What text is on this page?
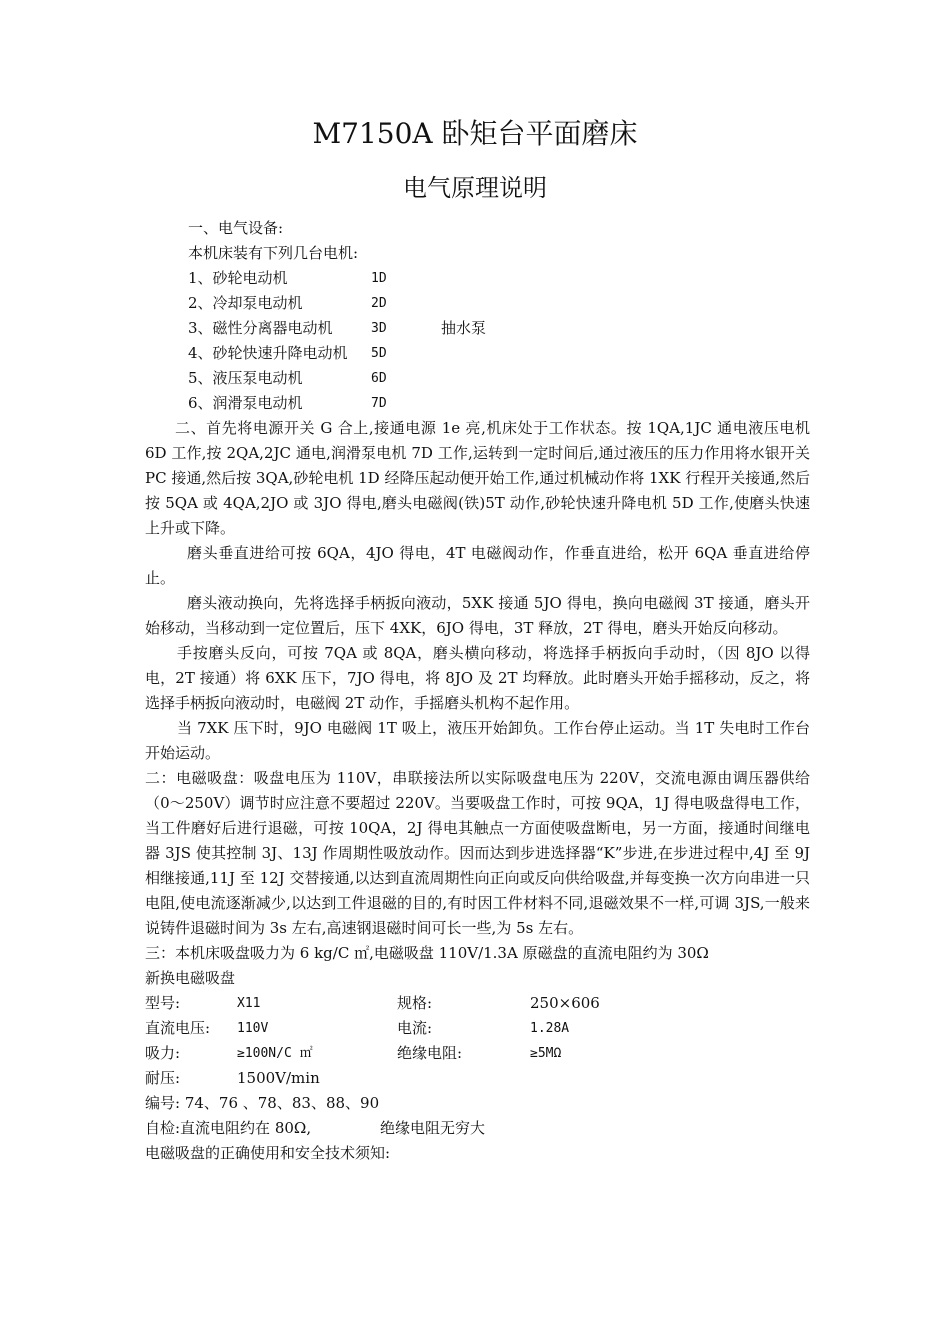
M7150A 卧矩台平面磨床
电气原理说明
一、电气设备:
本机床装有下列几台电机:
1、砂轮电动机	1D
2、冷却泵电动机	2D
3、磁性分离器电动机	3D	抽水泵
4、砂轮快速升降电动机	5D
5、液压泵电动机	6D
6、润滑泵电动机	7D

二、首先将电源开关 G 合上,接通电源 1e 亮,机床处于工作状态。按 1QA,1JC 通电液压电机 6D 工作,按 2QA,2JC 通电,润滑泵电机 7D 工作,运转到一定时间后,通过液压的压力作用将水银开关 PC 接通,然后按 3QA,砂轮电机 1D 经降压起动便开始工作,通过机械动作将 1XK 行程开关接通,然后按 5QA 或 4QA,2JO 或 3JO 得电,磨头电磁阀(铁)5T 动作,砂轮快速升降电机 5D 工作,使磨头快速上升或下降。

磨头垂直进给可按 6QA，4JO 得电，4T 电磁阀动作，作垂直进给，松开 6QA 垂直进给停止。

磨头液动换向，先将选择手柄扳向液动，5XK 接通 5JO 得电，换向电磁阀 3T 接通，磨头开始移动，当移动到一定位置后，压下 4XK，6JO 得电，3T 释放，2T 得电，磨头开始反向移动。

手按磨头反向，可按 7QA 或 8QA，磨头横向移动，将选择手柄扳向手动时，（因 8JO 以得电，2T 接通）将 6XK 压下，7JO 得电，将 8JO 及 2T 均释放。此时磨头开始手摇移动，反之，将选择手柄扳向液动时，电磁阀 2T 动作，手摇磨头机构不起作用。

当 7XK 压下时，9JO 电磁阀 1T 吸上，液压开始卸负。工作台停止运动。当 1T 失电时工作台开始运动。

二：电磁吸盘：吸盘电压为 110V，串联接法所以实际吸盘电压为 220V，交流电源由调压器供给（0～250V）调节时应注意不要超过 220V。当要吸盘工作时，可按 9QA，1J 得电吸盘得电工作，当工件磨好后进行退磁，可按 10QA，2J 得电其触点一方面使吸盘断电，另一方面，接通时间继电器 3JS 使其控制 3J、13J 作周期性吸放动作。因而达到步进选择器“K”步进,在步进过程中,4J 至 9J 相继接通,11J 至 12J 交替接通,以达到直流周期性向正向或反向供给吸盘,并每变换一次方向串进一只电阻,使电流逐渐减少,以达到工件退磁的目的,有时因工件材料不同,退磁效果不一样,可调 3JS,一般来说铸件退磁时间为 3s 左右,高速钢退磁时间可长一些,为 5s 左右。

三：本机床吸盘吸力为 6 kg/C ㎡,电磁吸盘 110V/1.3A 原磁盘的直流电阻约为 30Ω
新换电磁吸盘
型号:	X11	规格:	250×606
直流电压:	110V	电流:	1.28A
吸力:	≥100N/C ㎡	绝缘电阻:	≥5MΩ
耐压:	1500V/min
编号: 74、76 、78、83、88、90
自检:直流电阻约在 80Ω,	绝缘电阻无穷大
电磁吸盘的正确使用和安全技术须知:
